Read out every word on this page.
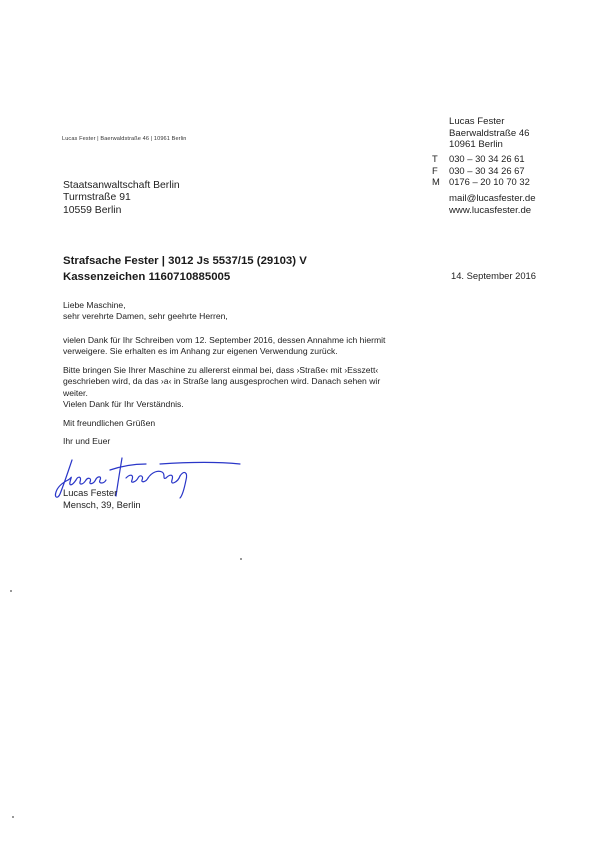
Lucas Fester | Baerwaldstraße 46 | 10961 Berlin
Lucas Fester
Baerwaldstraße 46
10961 Berlin
T	030 – 30 34 26 61
F	030 – 30 34 26 67
M 0176 – 20 10 70 32
mail@lucasfester.de
www.lucasfester.de
Staatsanwaltschaft Berlin
Turmstraße 91
10559 Berlin
Strafsache Fester | 3012 Js 5537/15 (29103) V
Kassenzeichen 1160710885005	14. September 2016

Liebe Maschine,

sehr verehrte Damen, sehr geehrte Herren,

vielen Dank für Ihr Schreiben vom 12. September 2016, dessen Annahme ich hiermit

verweigere. Sie erhalten es im Anhang zur eigenen Verwendung zurück.

Bitte bringen Sie Ihrer Maschine zu allererst einmal bei, dass ›Straße‹ mit ›Esszett‹

geschrieben wird, da das ›a‹ in Straße lang ausgesprochen wird. Danach sehen wir

weiter.

Vielen Dank für Ihr Verständnis.
Mit freundlichen Grüßen
Ihr und Euer
Lucas Fester
Mensch, 39, Berlin
